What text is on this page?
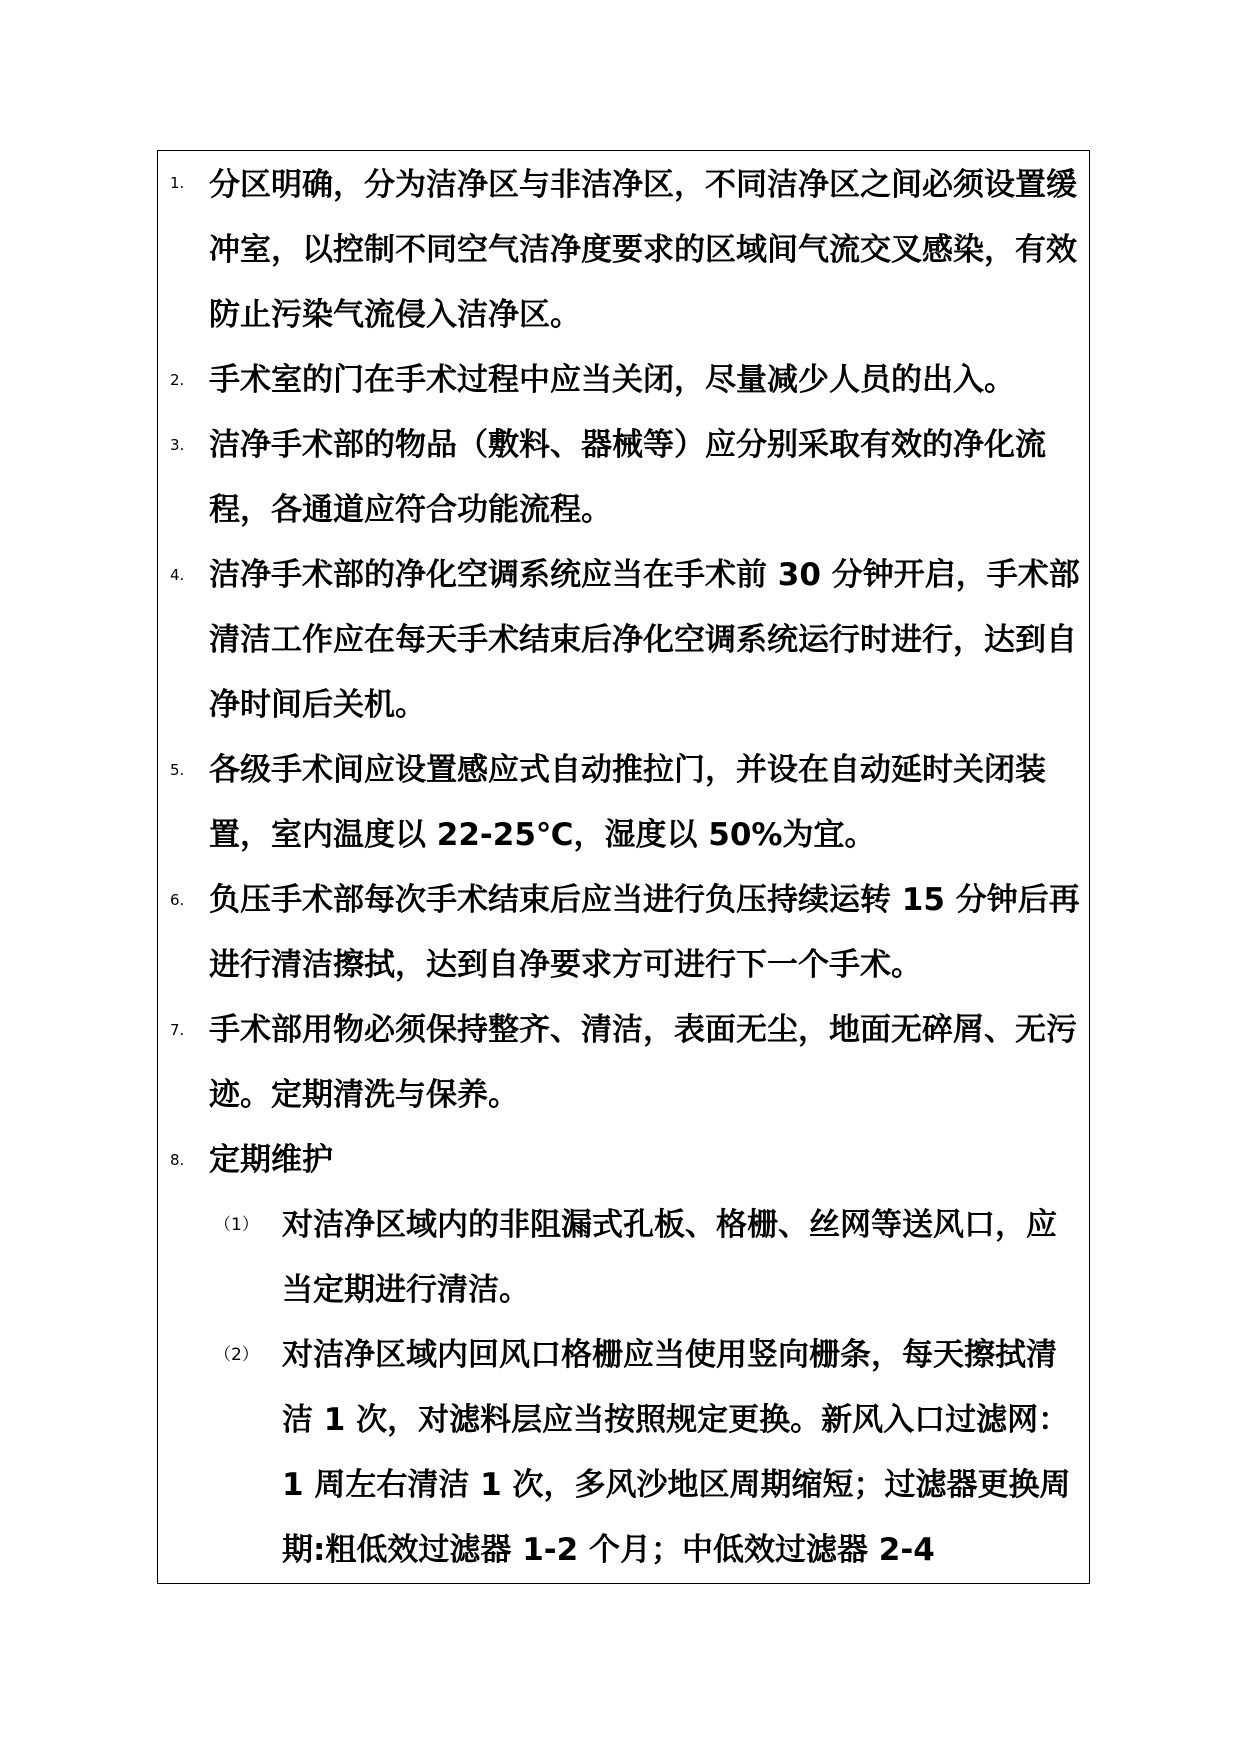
1. 分区明确，分为洁净区与非洁净区，不同洁净区之间必须设置缓冲室，以控制不同空气洁净度要求的区域间气流交叉感染，有效防止污染气流侵入洁净区。
2. 手术室的门在手术过程中应当关闭，尽量减少人员的出入。
3. 洁净手术部的物品（敷料、器械等）应分别采取有效的净化流程，各通道应符合功能流程。
4. 洁净手术部的净化空调系统应当在手术前 30 分钟开启，手术部清洁工作应在每天手术结束后净化空调系统运行时进行，达到自净时间后关机。
5. 各级手术间应设置感应式自动推拉门，并设在自动延时关闭装置，室内温度以 22-25℃，湿度以 50%为宜。
6. 负压手术部每次手术结束后应当进行负压持续运转 15 分钟后再进行清洁擦拭，达到自净要求方可进行下一个手术。
7. 手术部用物必须保持整齐、清洁，表面无尘，地面无碎屑、无污迹。定期清洗与保养。
8. 定期维护
（1） 对洁净区域内的非阻漏式孔板、格栅、丝网等送风口，应当定期进行清洁。
（2） 对洁净区域内回风口格栅应当使用竖向栅条，每天擦拭清洁 1 次，对滤料层应当按照规定更换。新风入口过滤网：1 周左右清洁 1 次，多风沙地区周期缩短；过滤器更换周期:粗低效过滤器 1-2 个月；中低效过滤器 2-4
